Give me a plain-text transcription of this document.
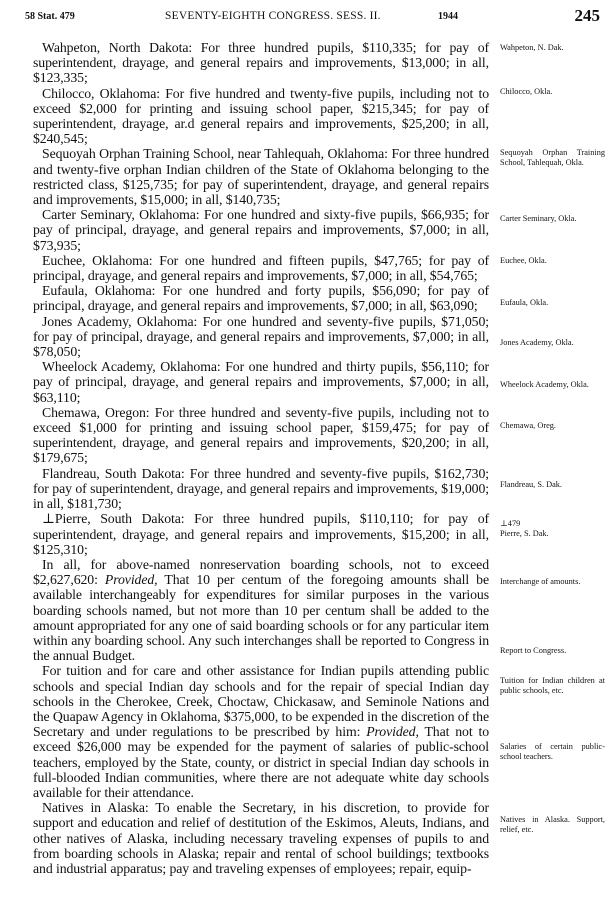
58 Stat. 479	SEVENTY-EIGHTH CONGRESS. SESS. II.	1944	245

Wahpeton, North Dakota: For three hundred pupils, $110,335; for pay of superintendent, drayage, and general repairs and improvements, $13,000; in all, $123,335;

Chilocco, Oklahoma: For five hundred and twenty-five pupils, including not to exceed $2,000 for printing and issuing school paper, $215,345; for pay of superintendent, drayage, ar.d general repairs and improvements, $25,200; in all, $240,545;

Sequoyah Orphan Training School, near Tahlequah, Oklahoma: For three hundred and twenty-five orphan Indian children of the State of Oklahoma belonging to the restricted class, $125,735; for pay of superintendent, drayage, and general repairs and improvements, $15,000; in all, $140,735;

Carter Seminary, Oklahoma: For one hundred and sixty-five pupils, $66,935; for pay of principal, drayage, and general repairs and improvements, $7,000; in all, $73,935;

Euchee, Oklahoma: For one hundred and fifteen pupils, $47,765; for pay of principal, drayage, and general repairs and improvements, $7,000; in all, $54,765;

Eufaula, Oklahoma: For one hundred and forty pupils, $56,090; for pay of principal, drayage, and general repairs and improvements, $7,000; in all, $63,090;

Jones Academy, Oklahoma: For one hundred and seventy-five pupils, $71,050; for pay of principal, drayage, and general repairs and improvements, $7,000; in all, $78,050;

Wheelock Academy, Oklahoma: For one hundred and thirty pupils, $56,110; for pay of principal, drayage, and general repairs and improvements, $7,000; in all, $63,110;

Chemawa, Oregon: For three hundred and seventy-five pupils, including not to exceed $1,000 for printing and issuing school paper, $159,475; for pay of superintendent, drayage, and general repairs and improvements, $20,200; in all, $179,675;

Flandreau, South Dakota: For three hundred and seventy-five pupils, $162,730; for pay of superintendent, drayage, and general repairs and improvements, $19,000; in all, $181,730;

⊥Pierre, South Dakota: For three hundred pupils, $110,110; for pay of superintendent, drayage, and general repairs and improvements, $15,200; in all, $125,310;

In all, for above-named nonreservation boarding schools, not to exceed $2,627,620: Provided, That 10 per centum of the foregoing amounts shall be available interchangeably for expenditures for similar purposes in the various boarding schools named, but not more than 10 per centum shall be added to the amount appropriated for any one of said boarding schools or for any particular item within any boarding school. Any such interchanges shall be reported to Congress in the annual Budget.

For tuition and for care and other assistance for Indian pupils attending public schools and special Indian day schools and for the repair of special Indian day schools in the Cherokee, Creek, Choctaw, Chickasaw, and Seminole Nations and the Quapaw Agency in Oklahoma, $375,000, to be expended in the discretion of the Secretary and under regulations to be prescribed by him: Provided, That not to exceed $26,000 may be expended for the payment of salaries of public-school teachers, employed by the State, county, or district in special Indian day schools in full-blooded Indian communities, where there are not adequate white day schools available for their attendance.

Natives in Alaska: To enable the Secretary, in his discretion, to provide for support and education and relief of destitution of the Eskimos, Aleuts, Indians, and other natives of Alaska, including necessary traveling expenses of pupils to and from boarding schools in Alaska; repair and rental of school buildings; textbooks and industrial apparatus; pay and traveling expenses of employees; repair, equip-

Wahpeton, N. Dak.
Chilocco, Okla.
Sequoyah Orphan Training School, Tahlequah, Okla.
Carter Seminary, Okla.
Euchee, Okla.
Eufaula, Okla.
Jones Academy, Okla.
Wheelock Academy, Okla.
Chemawa, Oreg.
Flandreau, S. Dak.
⊥479
Pierre, S. Dak.
Interchange of amounts.
Report to Congress.
Tuition for Indian children at public schools, etc.
Salaries of certain public-school teachers.
Natives in Alaska. Support, relief, etc.
